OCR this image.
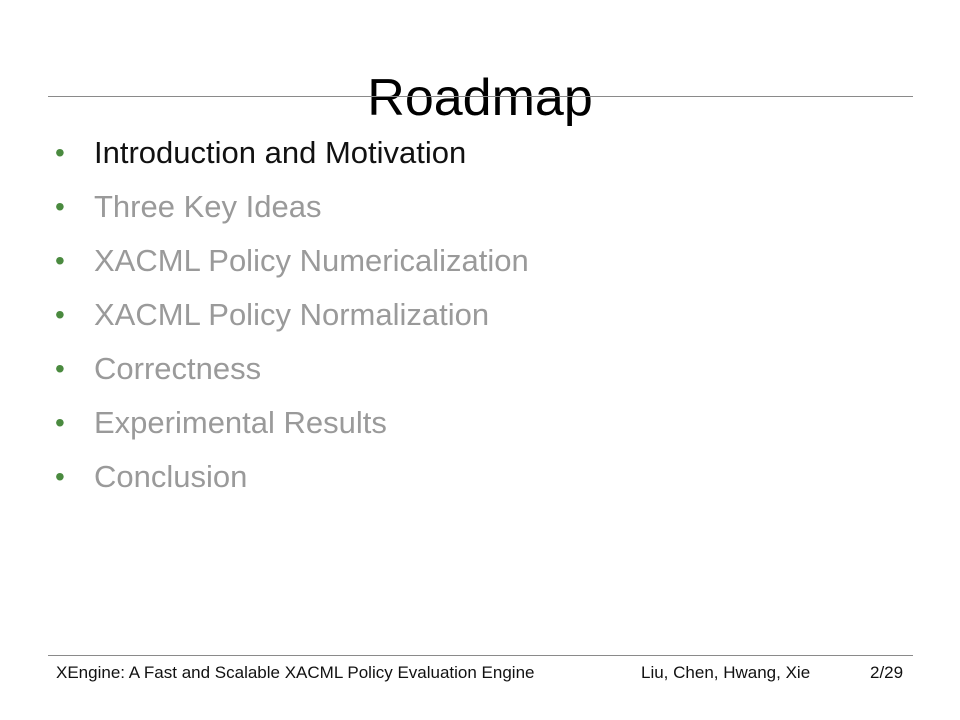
Roadmap
• Introduction and Motivation
• Three Key Ideas
• XACML Policy Numericalization
• XACML Policy Normalization
• Correctness
• Experimental Results
• Conclusion
XEngine: A Fast and Scalable XACML Policy Evaluation Engine	Liu, Chen, Hwang, Xie	2/29
